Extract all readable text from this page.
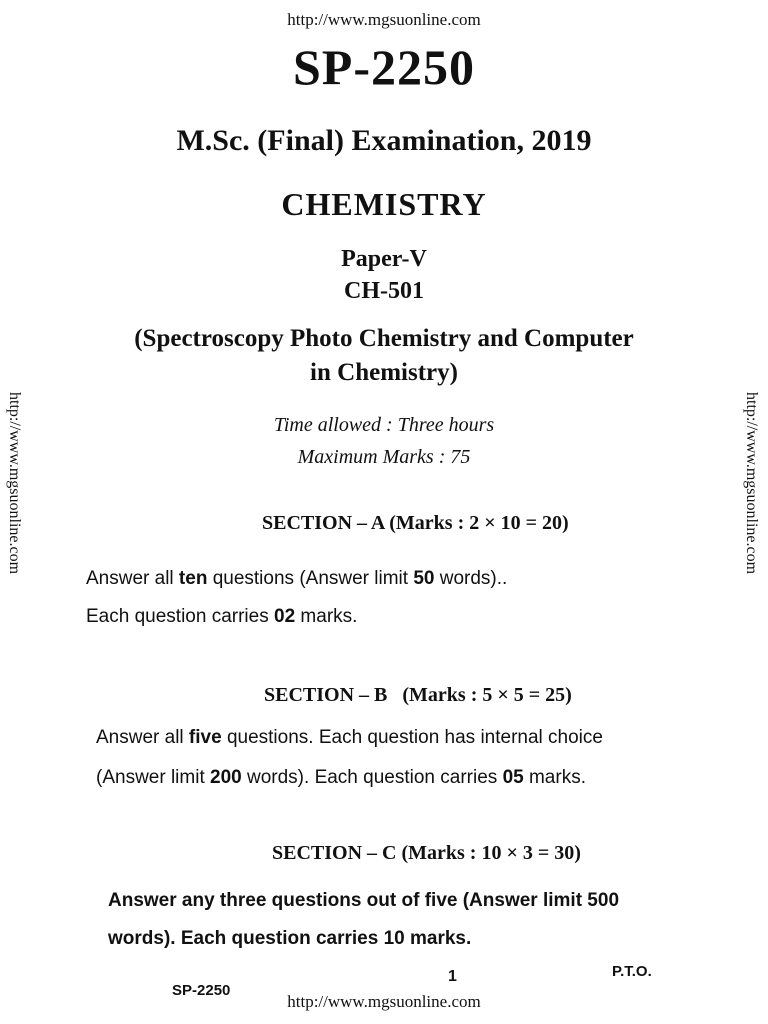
http://www.mgsuonline.com
http://www.mgsuonline.com	http://www.mgsuonline.com
SP-2250
M.Sc. (Final) Examination, 2019
CHEMISTRY
Paper-V
CH-501
(Spectroscopy Photo Chemistry and Computer
in Chemistry)
Time allowed : Three hours
Maximum Marks : 75
SECTION – A (Marks : 2 × 10 = 20)
Answer all ten questions (Answer limit 50 words)..
Each question carries 02 marks.
SECTION – B   (Marks : 5 × 5 = 25)
Answer all five questions. Each question has internal choice (Answer limit 200 words). Each question carries 05 marks.
SECTION – C (Marks : 10 × 3 = 30)
Answer any three questions out of five (Answer limit 500 words). Each question carries 10 marks.
SP-2250
1	P.T.O.
http://www.mgsuonline.com
